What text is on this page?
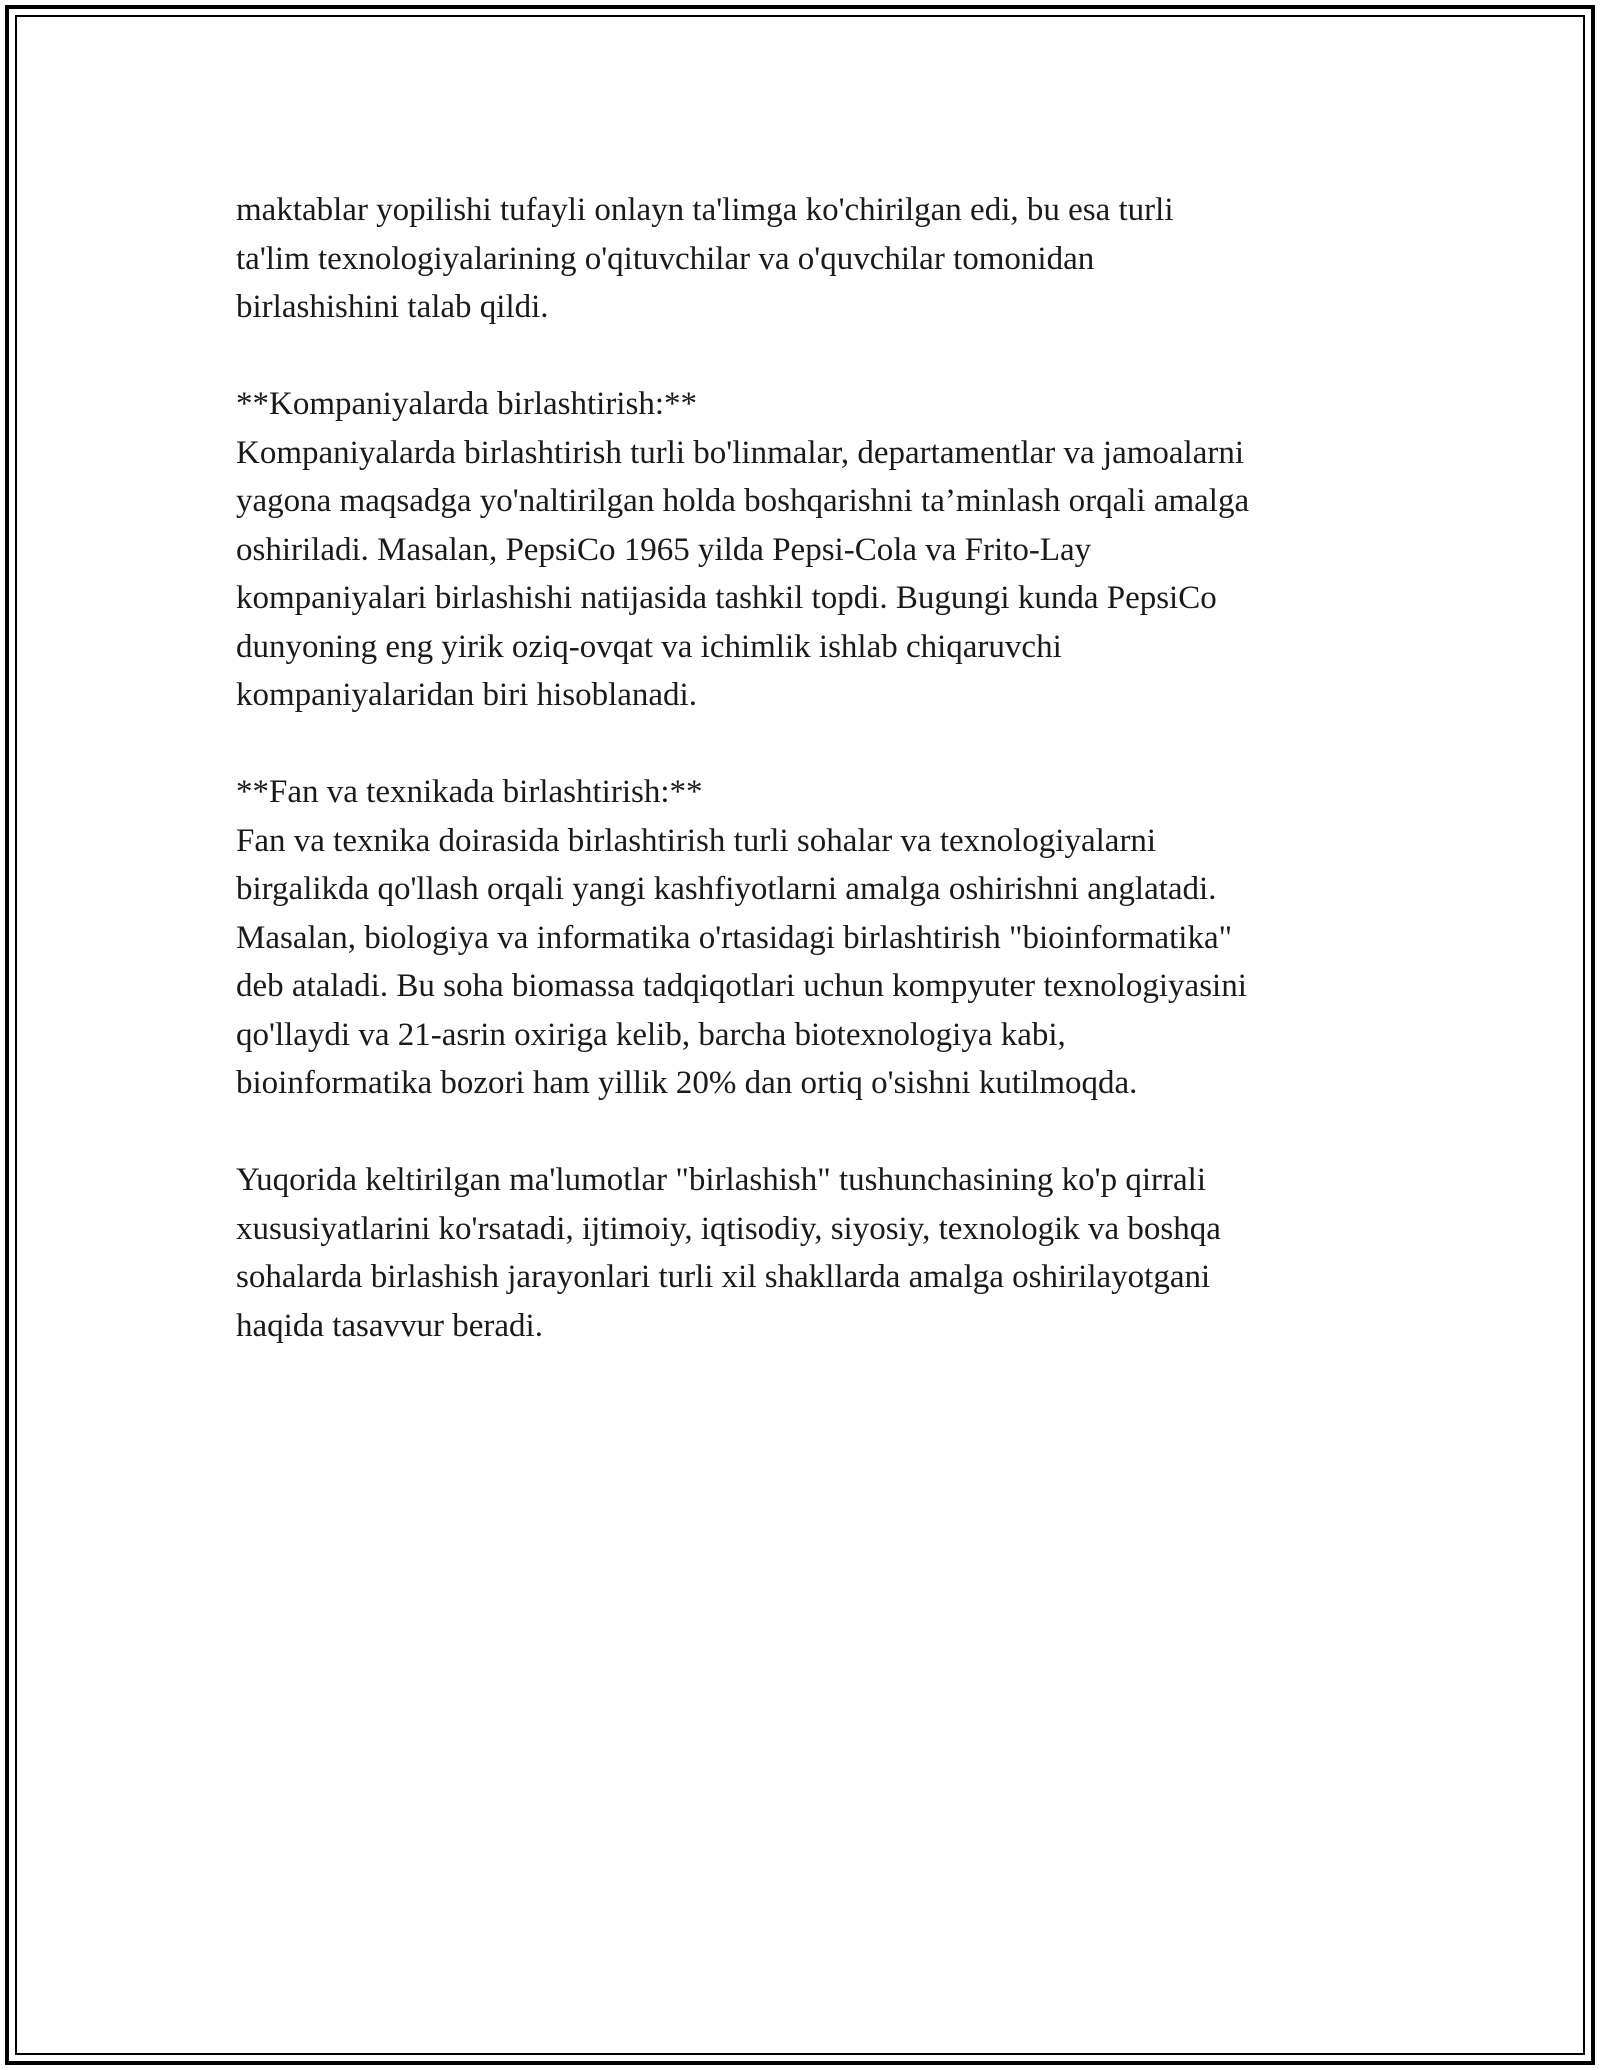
maktablar yopilishi tufayli onlayn ta'limga ko'chirilgan edi, bu esa turli
ta'lim texnologiyalarining o'qituvchilar va o'quvchilar tomonidan
birlashishini talab qildi.
**Kompaniyalarda birlashtirish:**
Kompaniyalarda birlashtirish turli bo'linmalar, departamentlar va jamoalarni
yagona maqsadga yo'naltirilgan holda boshqarishni ta’minlash orqali amalga
oshiriladi. Masalan, PepsiCo 1965 yilda Pepsi-Cola va Frito-Lay
kompaniyalari birlashishi natijasida tashkil topdi. Bugungi kunda PepsiCo
dunyoning eng yirik oziq-ovqat va ichimlik ishlab chiqaruvchi
kompaniyalaridan biri hisoblanadi.
**Fan va texnikada birlashtirish:**
Fan va texnika doirasida birlashtirish turli sohalar va texnologiyalarni
birgalikda qo'llash orqali yangi kashfiyotlarni amalga oshirishni anglatadi.
Masalan, biologiya va informatika o'rtasidagi birlashtirish "bioinformatika"
deb ataladi. Bu soha biomassa tadqiqotlari uchun kompyuter texnologiyasini
qo'llaydi va 21-asrin oxiriga kelib, barcha biotexnologiya kabi,
bioinformatika bozori ham yillik 20% dan ortiq o'sishni kutilmoqda.
Yuqorida keltirilgan ma'lumotlar "birlashish" tushunchasining ko'p qirrali
xususiyatlarini ko'rsatadi, ijtimoiy, iqtisodiy, siyosiy, texnologik va boshqa
sohalarda birlashish jarayonlari turli xil shakllarda amalga oshirilayotgani
haqida tasavvur beradi.
